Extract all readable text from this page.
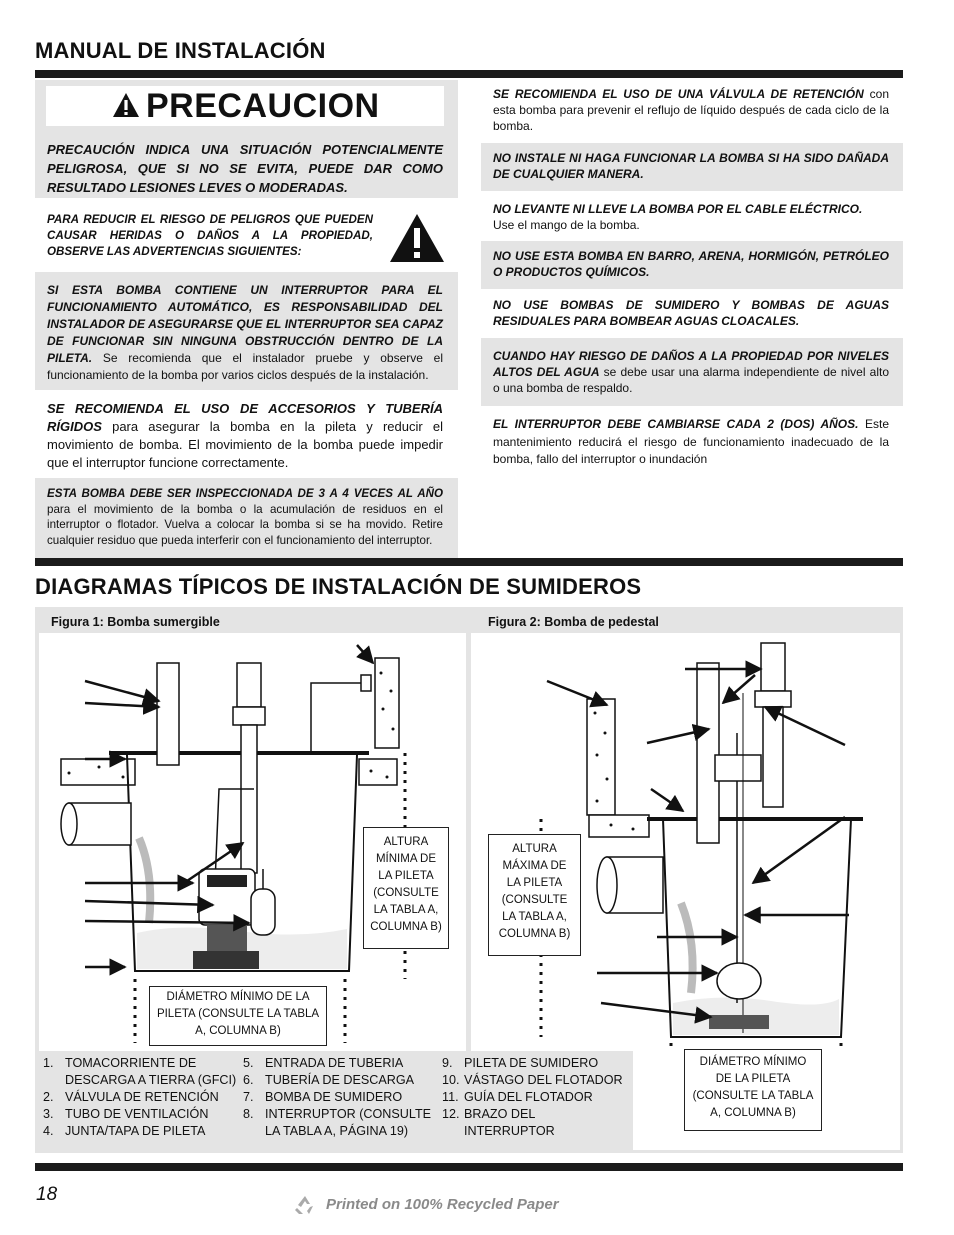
MANUAL DE INSTALACIÓN
PRECAUCION
PRECAUCIÓN INDICA UNA SITUACIÓN POTENCIALMENTE PELIGROSA, QUE SI NO SE EVITA, PUEDE DAR COMO RESULTADO LESIONES LEVES O MODERADAS.
PARA REDUCIR EL RIESGO DE PELIGROS QUE PUEDEN CAUSAR HERIDAS O DAÑOS A LA PROPIEDAD, OBSERVE LAS ADVERTENCIAS SIGUIENTES:
SI ESTA BOMBA CONTIENE UN INTERRUPTOR PARA EL FUNCIONAMIENTO AUTOMÁTICO, ES RESPONSABILIDAD DEL INSTALADOR DE ASEGURARSE QUE EL INTERRUPTOR SEA CAPAZ DE FUNCIONAR SIN NINGUNA OBSTRUCCIÓN DENTRO DE LA PILETA. Se recomienda que el instalador pruebe y observe el funcionamiento de la bomba por varios ciclos después de la instalación.
SE RECOMIENDA EL USO DE ACCESORIOS Y TUBERÍA RÍGIDOS para asegurar la bomba en la pileta y reducir el movimiento de bomba. El movimiento de la bomba puede impedir que el interruptor funcione correctamente.
ESTA BOMBA DEBE SER INSPECCIONADA DE 3 A 4 VECES AL AÑO para el movimiento de la bomba o la acumulación de residuos en el interruptor o flotador. Vuelva a colocar la bomba si se ha movido. Retire cualquier residuo que pueda interferir con el funcionamiento del interruptor.
SE RECOMIENDA EL USO DE UNA VÁLVULA DE RETENCIÓN con esta bomba para prevenir el reflujo de líquido después de cada ciclo de la bomba.
NO INSTALE NI HAGA FUNCIONAR LA BOMBA SI HA SIDO DAÑADA DE CUALQUIER MANERA.
NO LEVANTE NI LLEVE LA BOMBA POR EL CABLE ELÉCTRICO.
Use el mango de la bomba.
NO USE ESTA BOMBA EN BARRO, ARENA, HORMIGÓN, PETRÓLEO O PRODUCTOS QUÍMICOS.
NO USE BOMBAS DE SUMIDERO Y BOMBAS DE AGUAS RESIDUALES PARA BOMBEAR AGUAS CLOACALES.
CUANDO HAY RIESGO DE DAÑOS A LA PROPIEDAD POR NIVELES ALTOS DEL AGUA se debe usar una alarma independiente de nivel alto o una bomba de respaldo.
EL INTERRUPTOR DEBE CAMBIARSE CADA 2 (DOS) AÑOS. Este mantenimiento reducirá el riesgo de funcionamiento inadecuado de la bomba, fallo del interruptor o inundación
DIAGRAMAS TÍPICOS DE INSTALACIÓN DE SUMIDEROS
Figura 1: Bomba sumergible	Figura 2: Bomba de pedestal
ALTURA
MÍNIMA DE
LA PILETA
(CONSULTE
LA TABLA A,
COLUMNA B)
ALTURA
MÁXIMA DE
LA PILETA
(CONSULTE
LA TABLA A,
COLUMNA B)
DIÁMETRO MÍNIMO DE LA
PILETA (CONSULTE LA TABLA
A, COLUMNA B)
DIÁMETRO MÍNIMO
DE LA PILETA
(CONSULTE LA TABLA
A, COLUMNA B)
1. TOMACORRIENTE DE
DESCARGA A TIERRA (GFCI)
2. VÁLVULA DE RETENCIÓN
3. TUBO DE VENTILACIÓN
4. JUNTA/TAPA DE PILETA
5. ENTRADA DE TUBERIA
6. TUBERÍA DE DESCARGA
7. BOMBA DE SUMIDERO
8. INTERRUPTOR (CONSULTE
LA TABLA A, PÁGINA 19)
9. PILETA DE SUMIDERO
10. VÁSTAGO DEL FLOTADOR
11. GUÍA DEL FLOTADOR
12. BRAZO DEL
INTERRUPTOR
18	Printed on 100% Recycled Paper
